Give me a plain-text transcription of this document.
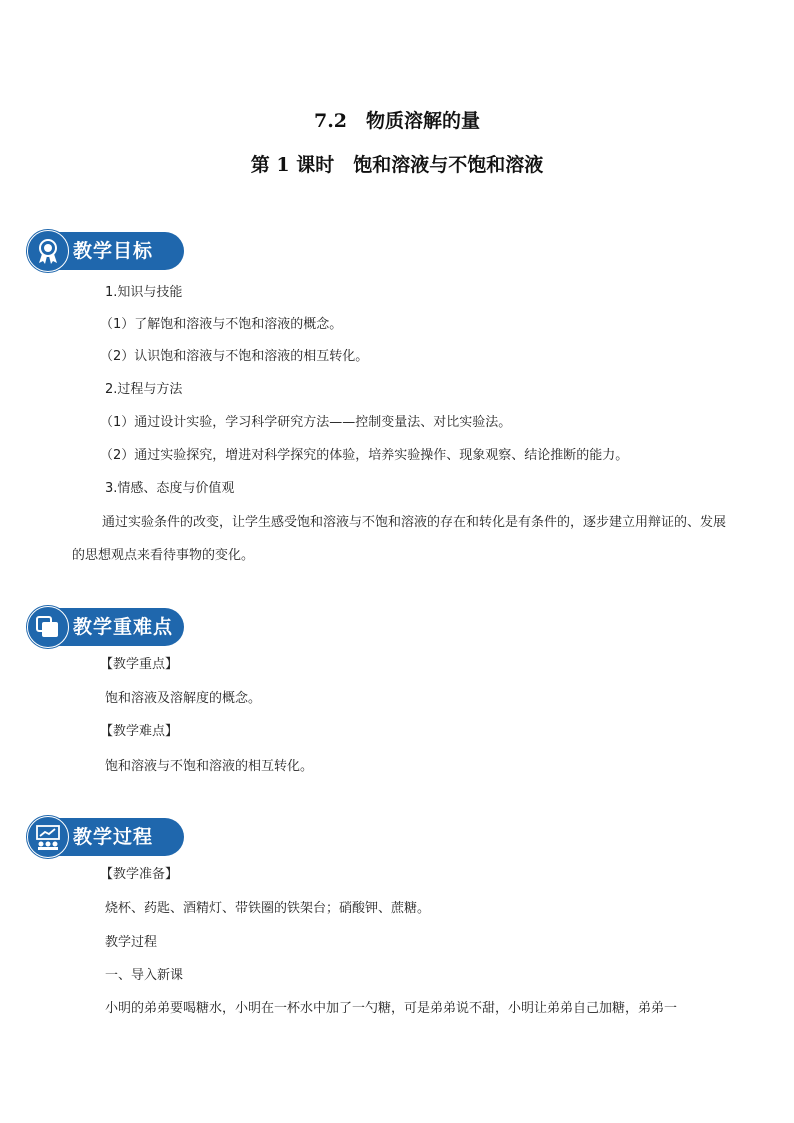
7.2　物质溶解的量
第 1 课时　饱和溶液与不饱和溶液
教学目标
1.知识与技能
（1）了解饱和溶液与不饱和溶液的概念。
（2）认识饱和溶液与不饱和溶液的相互转化。
2.过程与方法
（1）通过设计实验，学习科学研究方法——控制变量法、对比实验法。
（2）通过实验探究，增进对科学探究的体验，培养实验操作、现象观察、结论推断的能力。
3.情感、态度与价值观
通过实验条件的改变，让学生感受饱和溶液与不饱和溶液的存在和转化是有条件的，逐步建立用辩证的、发展的思想观点来看待事物的变化。
教学重难点
【教学重点】
饱和溶液及溶解度的概念。
【教学难点】
饱和溶液与不饱和溶液的相互转化。
教学过程
【教学准备】
烧杯、药匙、酒精灯、带铁圈的铁架台；硝酸钾、蔗糖。
教学过程
一、导入新课
小明的弟弟要喝糖水，小明在一杯水中加了一勺糖，可是弟弟说不甜，小明让弟弟自己加糖，弟弟一
